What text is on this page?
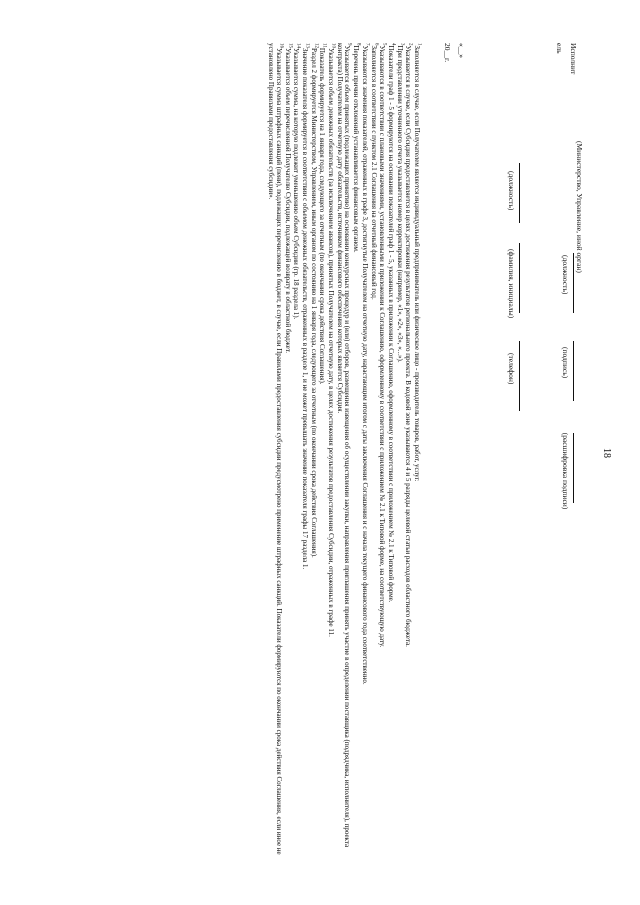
18
Исполнит
ель
(Министерство, Управление, иной орган)
(должность)
(должность)
(фамилия, инициалы)
(подпись)
(телефон)
(расшифровка подписи)
«__»
20__г.

$^1$Заполняется в случае, если Получателем является индивидуальный предприниматель или физическое лицо - производитель товаров, работ, услуг.

$^2$Указывается в случае, если Субсидия предоставляется в целях достижения результатов регионального проекта. В кодовой зоне указываются 4 и 5 разряды целевой статьи расходов областного бюджета.

$^3$При представлении уточненного отчета указывается номер корректировки (например, «1», «2», «3», «...»).

$^4$Показатели граф 1 - 5 формируются на основании показателей граф 1 - 5, указанных в приложении к Соглашению, оформленному в соответствии с приложением № 2.1 к Типовой форме.

$^5$Указываются в соответствии с плановыми значениями, установленными в приложении к Соглашению, оформленному в соответствии с приложением № 2.1 к Типовой форме, на соответствующую дату.

$^6$Заполняется в соответствии с пунктом 2.1 Соглашения на отчетный финансовый год.

$^7$Указываются значения показателей, отраженных в графе 3, достигнутые Получателем на отчетную дату, нарастающим итогом с даты заключения Соглашения и с начала текущего финансового года соответственно.

$^8$Перечень причин отклонений устанавливается финансовым органом.

$^9$Указывается объем принятых (подлежащих принятию) на основании конкурсных процедур и (или) отборов, размещения извещения об осуществлении закупки, направления приглашения принять участие в определении поставщика (подрядчика, исполнителя), проекта контракта) Получателем на отчетную дату обязательств, источником финансового обеспечения которых является Субсидия.

$^{10}$Указывается объем денежных обязательств (за исключением авансов), принятых Получателем на отчетную дату, в целях достижения результатов предоставления Субсидии, отраженных в графе 11.

$^{11}$Показатель формируется на 1 января года, следующего за отчетным (по окончании срока действия Соглашения).

$^{12}$Раздел 2 формируется Министерством, Управлением, иным органом по состоянию на 1 января года, следующего за отчетным (по окончании срока действия Соглашения).

$^{13}$Значение показателя формируется в соответствии с объемом денежных обязательств, отраженных в разделе 1, и не может превышать значение показателя графы 17 раздела 1.

$^{14}$Указывается сумма, на которую подлежит уменьшению объем Субсидии (гр. 18 раздела 1).

$^{15}$Указывается объем перечисленной Получателю Субсидии, подлежащей возврату в областной бюджет.

$^{16}$Указывается сумма штрафных санкций (пени), подлежащих перечислению в бюджет, в случае, если Правилами предоставления субсидии предусмотрено применение штрафных санкций. Показатели формируются по окончании срока действия Соглашения, если иное не установлено Правилами предоставления субсидии».
